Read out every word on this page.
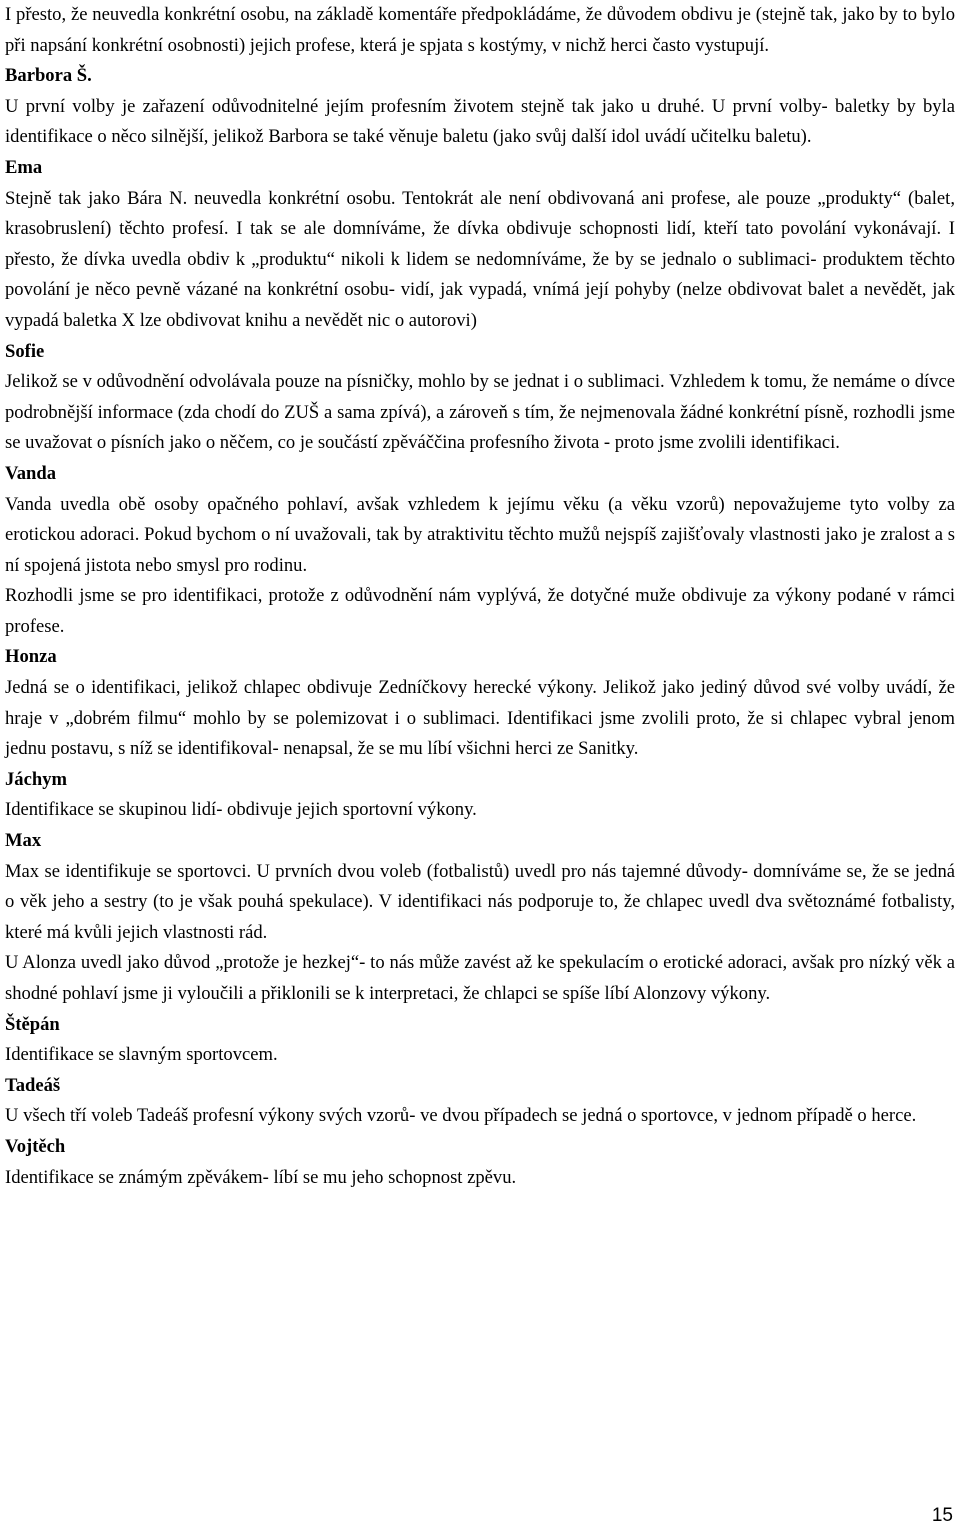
I přesto, že neuvedla konkrétní osobu, na základě komentáře předpokládáme, že důvodem obdivu je (stejně tak, jako by to bylo při napsání konkrétní osobnosti) jejich profese, která je spjata s kostýmy, v nichž herci často vystupují.

Barbora Š.

U první volby je zařazení odůvodnitelné jejím profesním životem stejně tak jako u druhé. U první volby- baletky by byla identifikace o něco silnější, jelikož Barbora se také věnuje baletu (jako svůj další idol uvádí učitelku baletu).

Ema

Stejně tak jako Bára N. neuvedla konkrétní osobu. Tentokrát ale není obdivovaná ani profese, ale pouze „produkty“ (balet, krasobruslení) těchto profesí. I tak se ale domníváme, že dívka obdivuje schopnosti lidí, kteří tato povolání vykonávají. I přesto, že dívka uvedla obdiv k „produktu“ nikoli k lidem se nedomníváme, že by se jednalo o sublimaci- produktem těchto povolání je něco pevně vázané na konkrétní osobu- vidí, jak vypadá, vnímá její pohyby (nelze obdivovat balet a nevědět, jak vypadá baletka X lze obdivovat knihu a nevědět nic o autorovi)

Sofie

Jelikož se v odůvodnění odvolávala pouze na písničky, mohlo by se jednat i o sublimaci. Vzhledem k tomu, že nemáme o dívce podrobnější informace (zda chodí do ZUŠ a sama zpívá), a zároveň s tím, že nejmenovala žádné konkrétní písně, rozhodli jsme se uvažovat o písních jako o něčem, co je součástí zpěváččina profesního života - proto jsme zvolili identifikaci.

Vanda

Vanda uvedla obě osoby opačného pohlaví, avšak vzhledem k jejímu věku (a věku vzorů) nepovažujeme tyto volby za erotickou adoraci. Pokud bychom o ní uvažovali, tak by atraktivitu těchto mužů nejspíš zajišťovaly vlastnosti jako je zralost a s ní spojená jistota nebo smysl pro rodinu.

Rozhodli jsme se pro identifikaci, protože z odůvodnění nám vyplývá, že dotyčné muže obdivuje za výkony podané v rámci profese.

Honza

Jedná se o identifikaci, jelikož chlapec obdivuje Zedníčkovy herecké výkony. Jelikož jako jediný důvod své volby uvádí, že hraje v „dobrém filmu“ mohlo by se polemizovat i o sublimaci. Identifikaci jsme zvolili proto, že si chlapec vybral jenom jednu postavu, s níž se identifikoval- nenapsal, že se mu líbí všichni herci ze Sanitky.

Jáchym

Identifikace se skupinou lidí- obdivuje jejich sportovní výkony.

Max

Max se identifikuje se sportovci. U prvních dvou voleb (fotbalistů) uvedl pro nás tajemné důvody- domníváme se, že se jedná o věk jeho a sestry (to je však pouhá spekulace). V identifikaci nás podporuje to, že chlapec uvedl dva světoznámé fotbalisty, které má kvůli jejich vlastnosti rád.

U Alonza uvedl jako důvod „protože je hezkej“- to nás může zavést až ke spekulacím o erotické adoraci, avšak pro nízký věk a shodné pohlaví jsme ji vyloučili a přiklonili se k interpretaci, že chlapci se spíše líbí Alonzovy výkony.

Štěpán

Identifikace se slavným sportovcem.

Tadeáš

U všech tří voleb Tadeáš profesní výkony svých vzorů- ve dvou případech se jedná o sportovce, v jednom případě o herce.

Vojtěch

Identifikace se známým zpěvákem- líbí se mu jeho schopnost zpěvu.

15
